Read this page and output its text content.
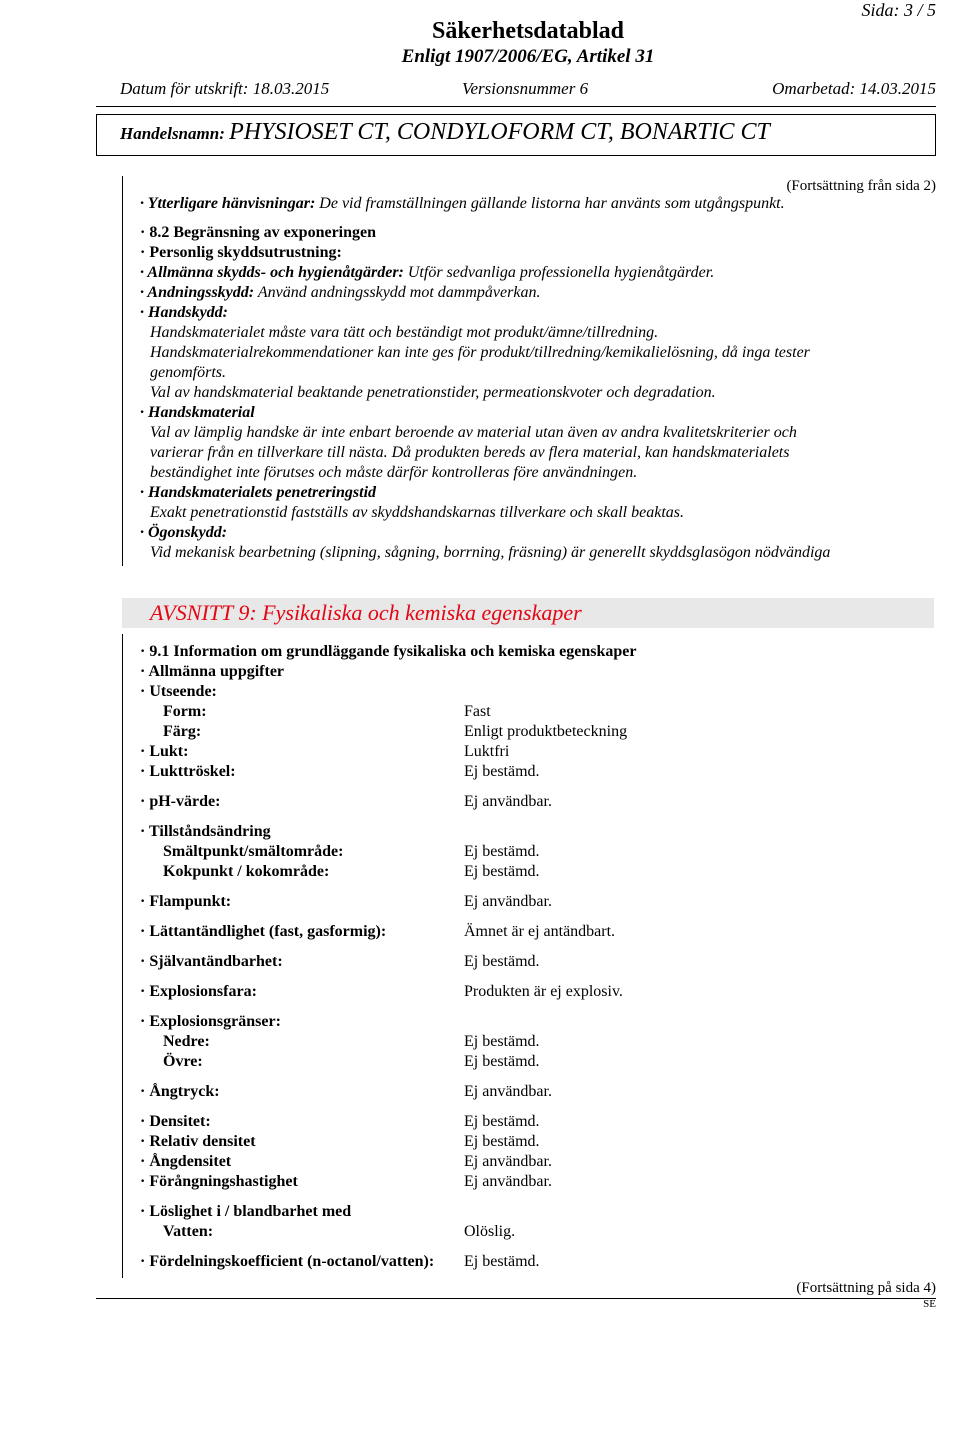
Sida: 3 / 5
Säkerhetsdatablad
Enligt 1907/2006/EG, Artikel 31
Datum för utskrift: 18.03.2015	Versionsnummer 6	Omarbetad: 14.03.2015
Handelsnamn: PHYSIOSET CT, CONDYLOFORM CT, BONARTIC CT
(Fortsättning från sida 2)
· Ytterligare hänvisningar: De vid framställningen gällande listorna har använts som utgångspunkt.
· 8.2 Begränsning av exponeringen
· Personlig skyddsutrustning:
· Allmänna skydds- och hygienåtgärder: Utför sedvanliga professionella hygienåtgärder.
· Andningsskydd: Använd andningsskydd mot dammpåverkan.
· Handskydd:
Handskmaterialet måste vara tätt och beständigt mot produkt/ämne/tillredning.
Handskmaterialrekommendationer kan inte ges för produkt/tillredning/kemikalielösning, då inga tester
genomförts.
Val av handskmaterial beaktande penetrationstider, permeationskvoter och degradation.
· Handskmaterial
Val av lämplig handske är inte enbart beroende av material utan även av andra kvalitetskriterier och
varierar från en tillverkare till nästa. Då produkten bereds av flera material, kan handskmaterialets
beständighet inte förutses och måste därför kontrolleras före användningen.
· Handskmaterialets penetreringstid
Exakt penetrationstid fastställs av skyddshandskarnas tillverkare och skall beaktas.
· Ögonskydd:
Vid mekanisk bearbetning (slipning, sågning, borrning, fräsning) är generellt skyddsglasögon nödvändiga
AVSNITT 9: Fysikaliska och kemiska egenskaper
· 9.1 Information om grundläggande fysikaliska och kemiska egenskaper
· Allmänna uppgifter
· Utseende:
Form:	Fast
Färg:	Enligt produktbeteckning
· Lukt:	Luktfri
· Lukttröskel:	Ej bestämd.
· pH-värde:	Ej användbar.
· Tillståndsändring
Smältpunkt/smältområde:	Ej bestämd.
Kokpunkt / kokområde:	Ej bestämd.
· Flampunkt:	Ej användbar.
· Lättantändlighet (fast, gasformig):	Ämnet är ej antändbart.
· Självantändbarhet:	Ej bestämd.
· Explosionsfara:	Produkten är ej explosiv.
· Explosionsgränser:
Nedre:	Ej bestämd.
Övre:	Ej bestämd.
· Ångtryck:	Ej användbar.
· Densitet:	Ej bestämd.
· Relativ densitet	Ej bestämd.
· Ångdensitet	Ej användbar.
· Förångningshastighet	Ej användbar.
· Löslighet i / blandbarhet med
Vatten:	Olöslig.
· Fördelningskoefficient (n-octanol/vatten): Ej bestämd.
(Fortsättning på sida 4)
SE
